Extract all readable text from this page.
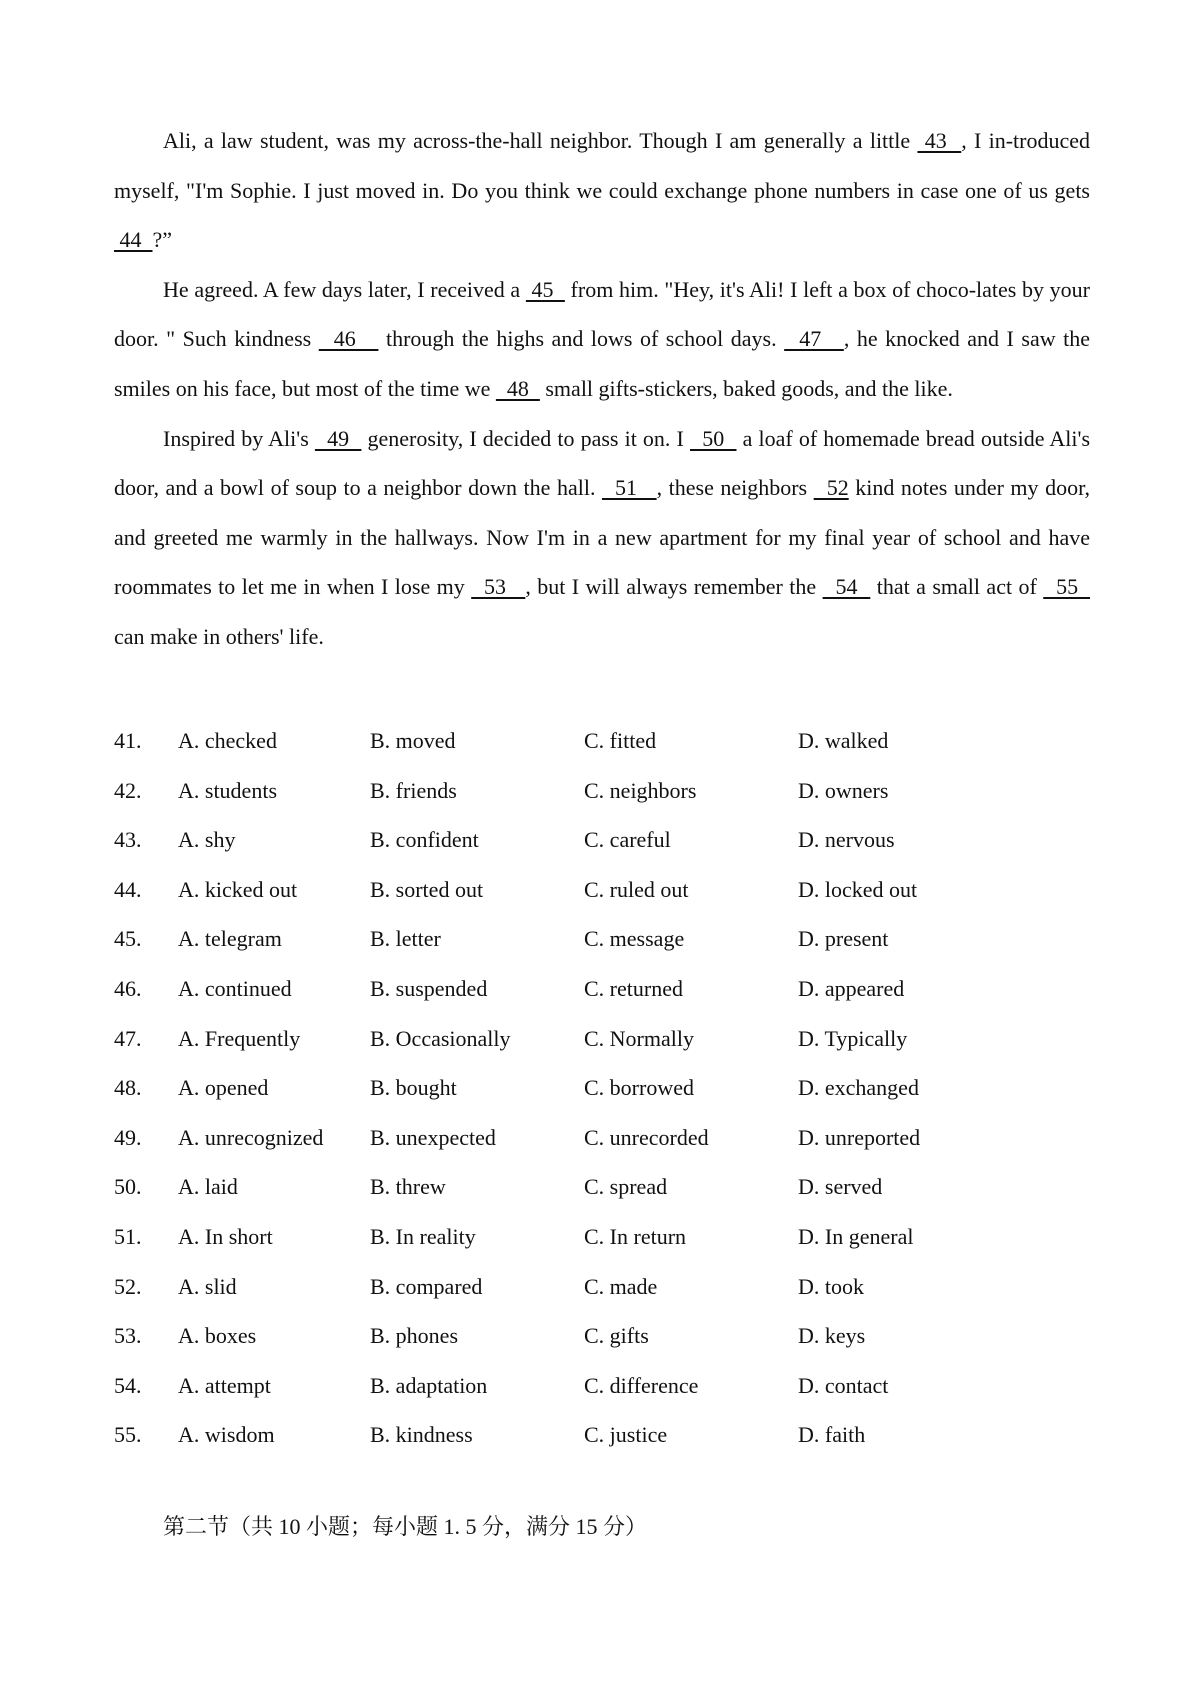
Ali, a law student, was my across-the-hall neighbor. Though I am generally a little  43  , I in-troduced myself, "I'm Sophie. I just moved in. Do you think we could exchange phone numbers in case one of us gets  44  ?”

He agreed. A few days later, I received a  45   from him. "Hey, it's Ali! I left a box of choco-lates by your door. " Such kindness   46    through the highs and lows of school days.   47   , he knocked and I saw the smiles on his face, but most of the time we   48   small gifts-stickers, baked goods, and the like.

Inspired by Ali's   49   generosity, I decided to pass it on. I   50   a loaf of homemade bread outside Ali's door, and a bowl of soup to a neighbor down the hall.   51   , these neighbors   52 kind notes under my door, and greeted me warmly in the hallways. Now I'm in a new apartment for my final year of school and have roommates to let me in when I lose my   53   , but I will always remember the   54   that a small act of   55   can make in others' life.

41. A. checked	B. moved	C. fitted	D. walked
42. A. students	B. friends	C. neighbors	D. owners
43. A. shy	B. confident	C. careful	D. nervous
44. A. kicked out	B. sorted out	C. ruled out	D. locked out
45. A. telegram	B. letter	C. message	D. present
46. A. continued	B. suspended	C. returned	D. appeared
47. A. Frequently	B. Occasionally	C. Normally	D. Typically
48. A. opened	B. bought	C. borrowed	D. exchanged
49. A. unrecognized B. unexpected	C. unrecorded	D. unreported
50. A. laid	B. threw	C. spread	D. served
51. A. In short	B. In reality	C. In return	D. In general
52. A. slid	B. compared	C. made	D. took
53. A. boxes	B. phones	C. gifts	D. keys
54. A. attempt	B. adaptation	C. difference	D. contact
55. A. wisdom	B. kindness	C. justice	D. faith
第二节（共 10 小题；每小题 1. 5 分，满分 15 分）
